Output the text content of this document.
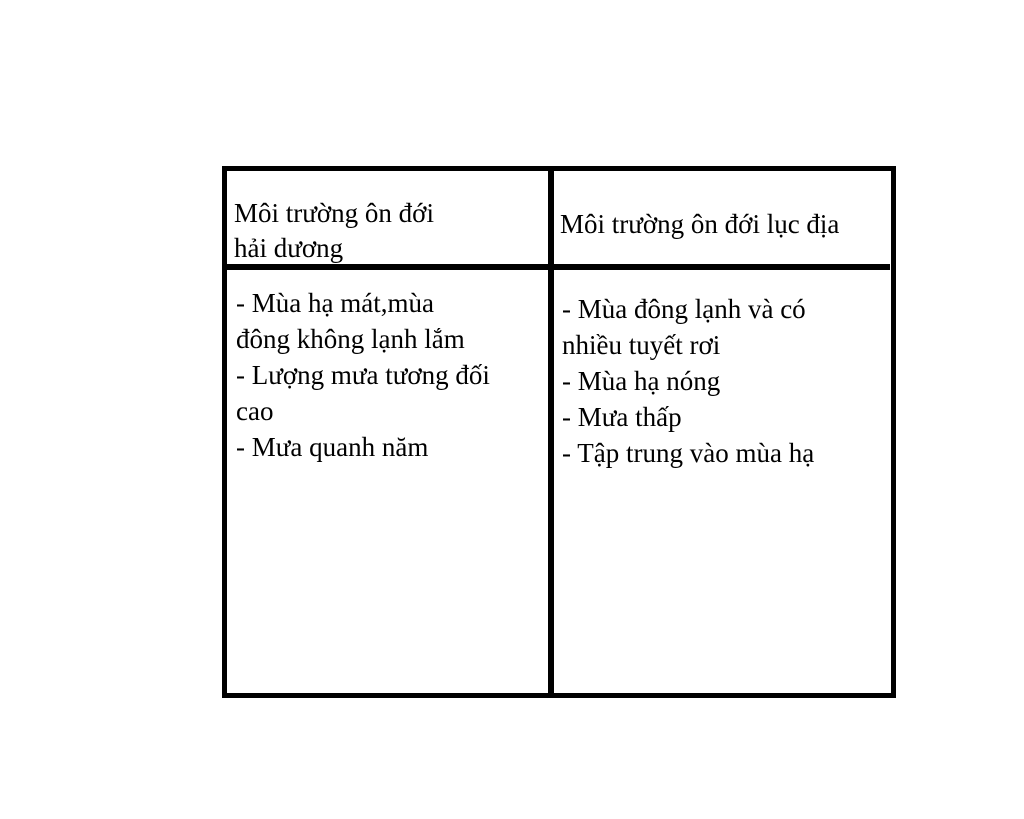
Môi trường ôn đới
hải dương
Môi trường ôn đới lục địa
- Mùa hạ mát,mùa
đông không lạnh lắm
- Lượng mưa tương đối
cao
- Mưa quanh năm
- Mùa đông lạnh và có
nhiều tuyết rơi
- Mùa hạ nóng
- Mưa thấp
- Tập trung vào mùa hạ
